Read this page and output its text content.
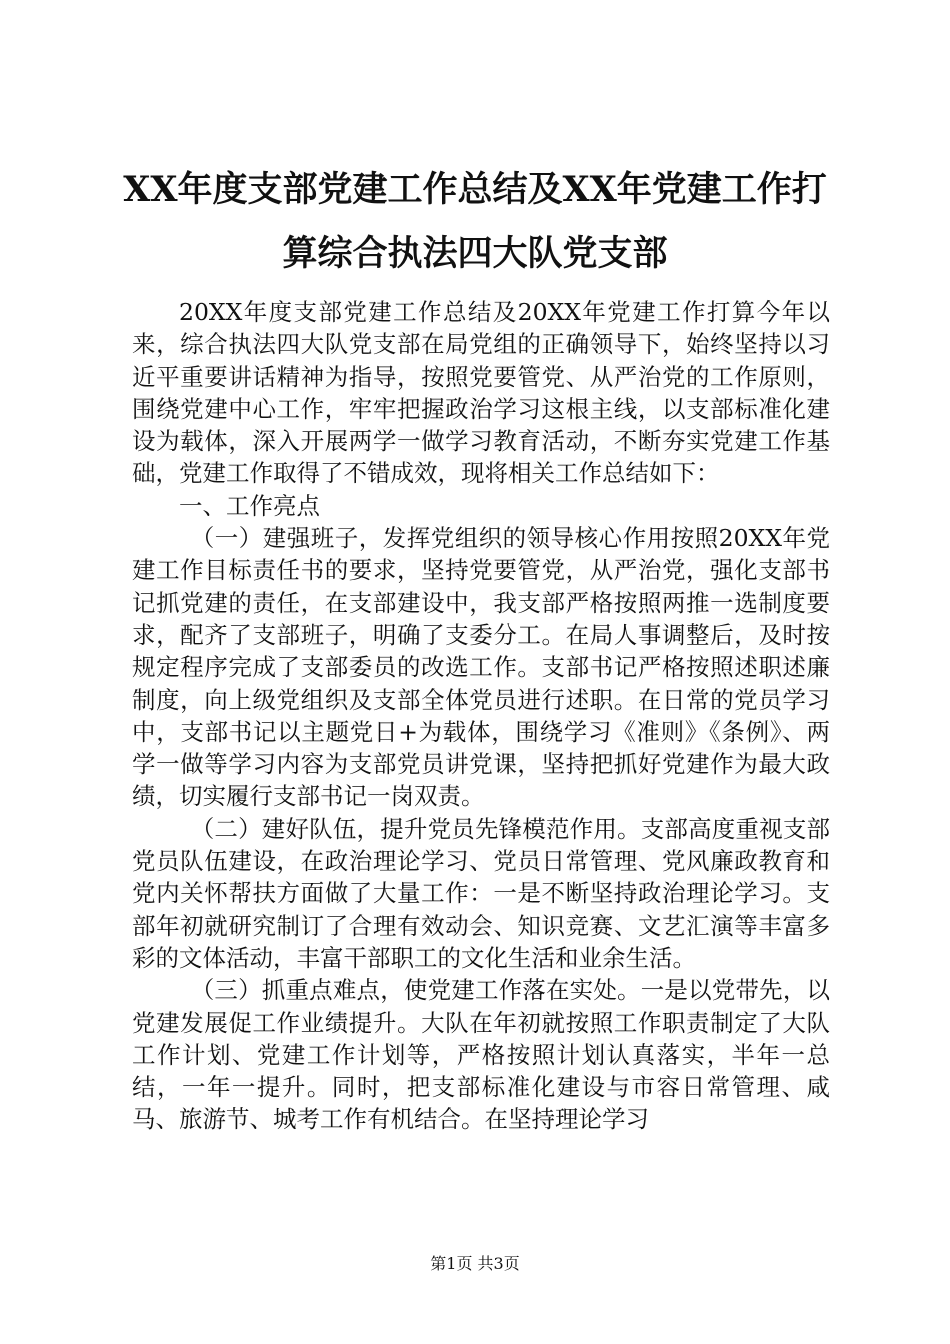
XX年度支部党建工作总结及XX年党建工作打算综合执法四大队党支部

20XX年度支部党建工作总结及20XX年党建工作打算今年以来，综合执法四大队党支部在局党组的正确领导下，始终坚持以习近平重要讲话精神为指导，按照党要管党、从严治党的工作原则，围绕党建中心工作，牢牢把握政治学习这根主线，以支部标准化建设为载体，深入开展两学一做学习教育活动，不断夯实党建工作基础，党建工作取得了不错成效，现将相关工作总结如下：

一、工作亮点

（一）建强班子，发挥党组织的领导核心作用按照20XX年党建工作目标责任书的要求，坚持党要管党，从严治党，强化支部书记抓党建的责任，在支部建设中，我支部严格按照两推一选制度要求，配齐了支部班子，明确了支委分工。在局人事调整后，及时按规定程序完成了支部委员的改选工作。支部书记严格按照述职述廉制度，向上级党组织及支部全体党员进行述职。在日常的党员学习中，支部书记以主题党日+为载体，围绕学习《准则》《条例》、两学一做等学习内容为支部党员讲党课，坚持把抓好党建作为最大政绩，切实履行支部书记一岗双责。

（二）建好队伍，提升党员先锋模范作用。支部高度重视支部党员队伍建设，在政治理论学习、党员日常管理、党风廉政教育和党内关怀帮扶方面做了大量工作：一是不断坚持政治理论学习。支部年初就研究制订了合理有效动会、知识竞赛、文艺汇演等丰富多彩的文体活动，丰富干部职工的文化生活和业余生活。

（三）抓重点难点，使党建工作落在实处。一是以党带先，以党建发展促工作业绩提升。大队在年初就按照工作职责制定了大队工作计划、党建工作计划等，严格按照计划认真落实，半年一总结，一年一提升。同时，把支部标准化建设与市容日常管理、咸马、旅游节、城考工作有机结合。在坚持理论学习

第1页 共3页
